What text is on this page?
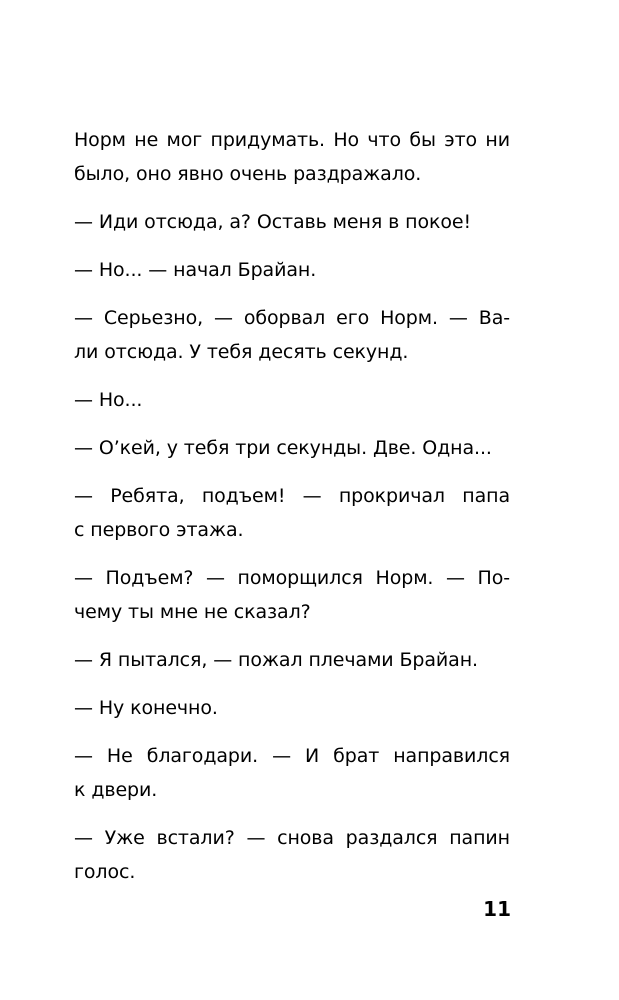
Норм не мог придумать. Но что бы это ни
было, оно явно очень раздражало.

— Иди отсюда, а? Оставь меня в покое!

— Но... — начал Брайан.

— Серьезно, — оборвал его Норм. — Ва-
ли отсюда. У тебя десять секунд.

— Но...

— О’кей, у тебя три секунды. Две. Одна...

— Ребята, подъем! — прокричал папа
с первого этажа.

— Подъем? — поморщился Норм. — По-
чему ты мне не сказал?

— Я пытался, — пожал плечами Брайан.

— Ну конечно.

— Не благодари. — И брат направился
к двери.

— Уже встали? — снова раздался папин
голос.

11
